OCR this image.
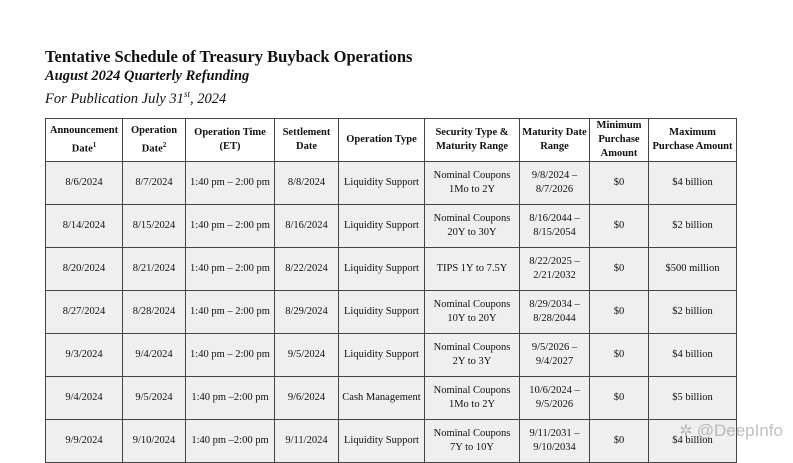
Tentative Schedule of Treasury Buyback Operations
August 2024 Quarterly Refunding
For Publication July 31st, 2024
Announcement Date$^1$	Operation Date$^2$	Operation Time (ET)	Settlement Date	Operation Type	Security Type & Maturity Range	Maturity Date Range	Minimum Purchase Amount	Maximum Purchase Amount
8/6/2024	8/7/2024	1:40 pm – 2:00 pm	8/8/2024	Liquidity Support	Nominal Coupons 1Mo to 2Y	9/8/2024 – 8/7/2026	$0	$4 billion
8/14/2024	8/15/2024	1:40 pm – 2:00 pm	8/16/2024	Liquidity Support	Nominal Coupons 20Y to 30Y	8/16/2044 – 8/15/2054	$0	$2 billion
8/20/2024	8/21/2024	1:40 pm – 2:00 pm	8/22/2024	Liquidity Support	TIPS 1Y to 7.5Y	8/22/2025 – 2/21/2032	$0	$500 million
8/27/2024	8/28/2024	1:40 pm – 2:00 pm	8/29/2024	Liquidity Support	Nominal Coupons 10Y to 20Y	8/29/2034 – 8/28/2044	$0	$2 billion
9/3/2024	9/4/2024	1:40 pm – 2:00 pm	9/5/2024	Liquidity Support	Nominal Coupons 2Y to 3Y	9/5/2026 – 9/4/2027	$0	$4 billion
9/4/2024	9/5/2024	1:40 pm –2:00 pm	9/6/2024	Cash Management	Nominal Coupons 1Mo to 2Y	10/6/2024 – 9/5/2026	$0	$5 billion
9/9/2024	9/10/2024	1:40 pm –2:00 pm	9/11/2024	Liquidity Support	Nominal Coupons 7Y to 10Y	9/11/2031 – 9/10/2034	$0	$4 billion
✲ @DeepInfo
